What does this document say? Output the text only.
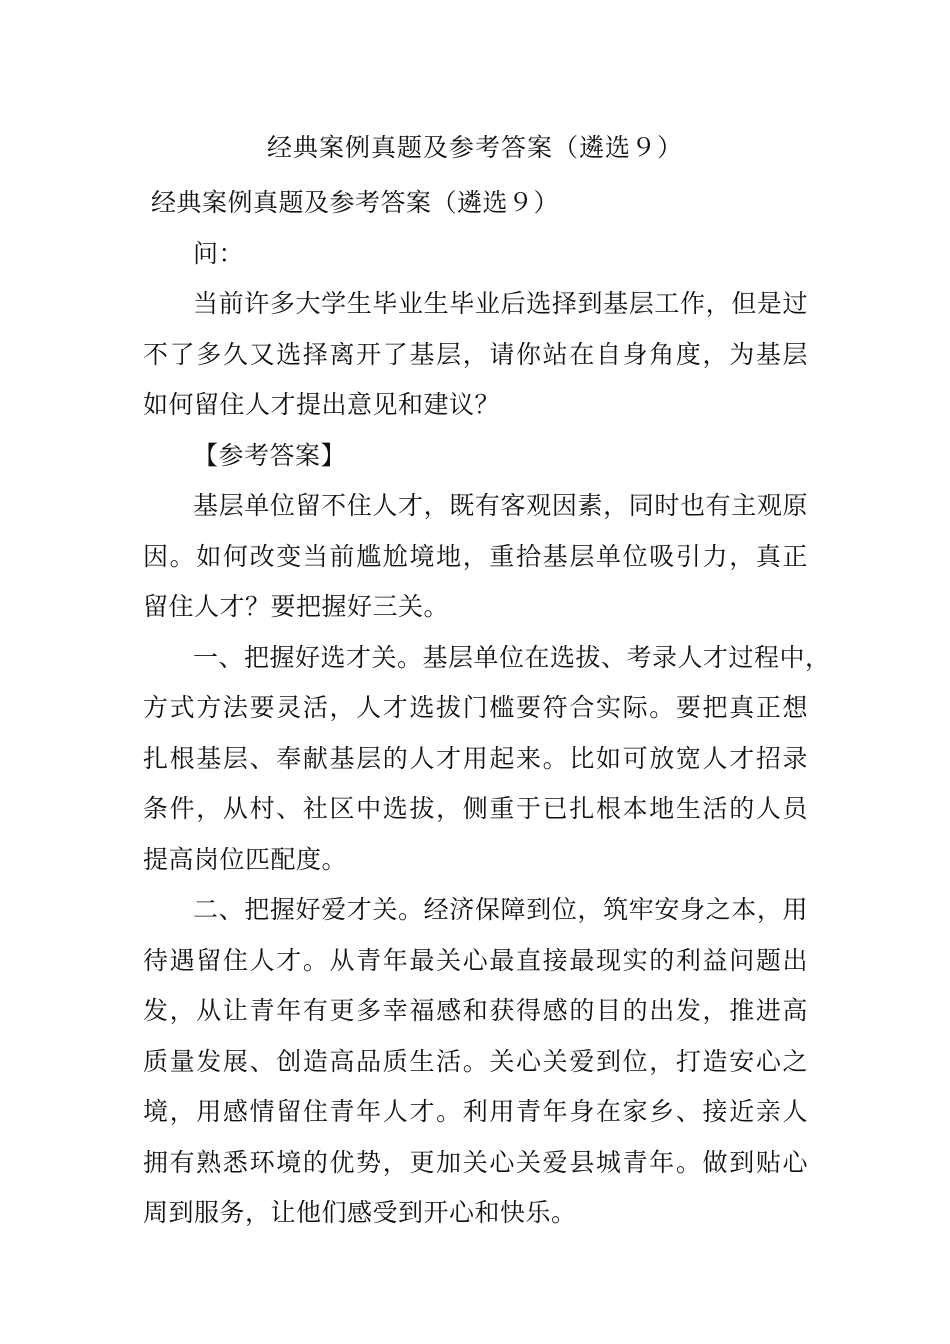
经典案例真题及参考答案（遴选９）
经典案例真题及参考答案（遴选９）
问：
当前许多大学生毕业生毕业后选择到基层工作，但是过
不了多久又选择离开了基层，请你站在自身角度，为基层
如何留住人才提出意见和建议？
【参考答案】
基层单位留不住人才，既有客观因素，同时也有主观原
因。如何改变当前尴尬境地，重拾基层单位吸引力，真正
留住人才？要把握好三关。
一、把握好选才关。基层单位在选拔、考录人才过程中，
方式方法要灵活，人才选拔门槛要符合实际。要把真正想
扎根基层、奉献基层的人才用起来。比如可放宽人才招录
条件，从村、社区中选拔，侧重于已扎根本地生活的人员
提高岗位匹配度。
二、把握好爱才关。经济保障到位，筑牢安身之本，用
待遇留住人才。从青年最关心最直接最现实的利益问题出
发，从让青年有更多幸福感和获得感的目的出发，推进高
质量发展、创造高品质生活。关心关爱到位，打造安心之
境，用感情留住青年人才。利用青年身在家乡、接近亲人
拥有熟悉环境的优势，更加关心关爱县城青年。做到贴心
周到服务，让他们感受到开心和快乐。
